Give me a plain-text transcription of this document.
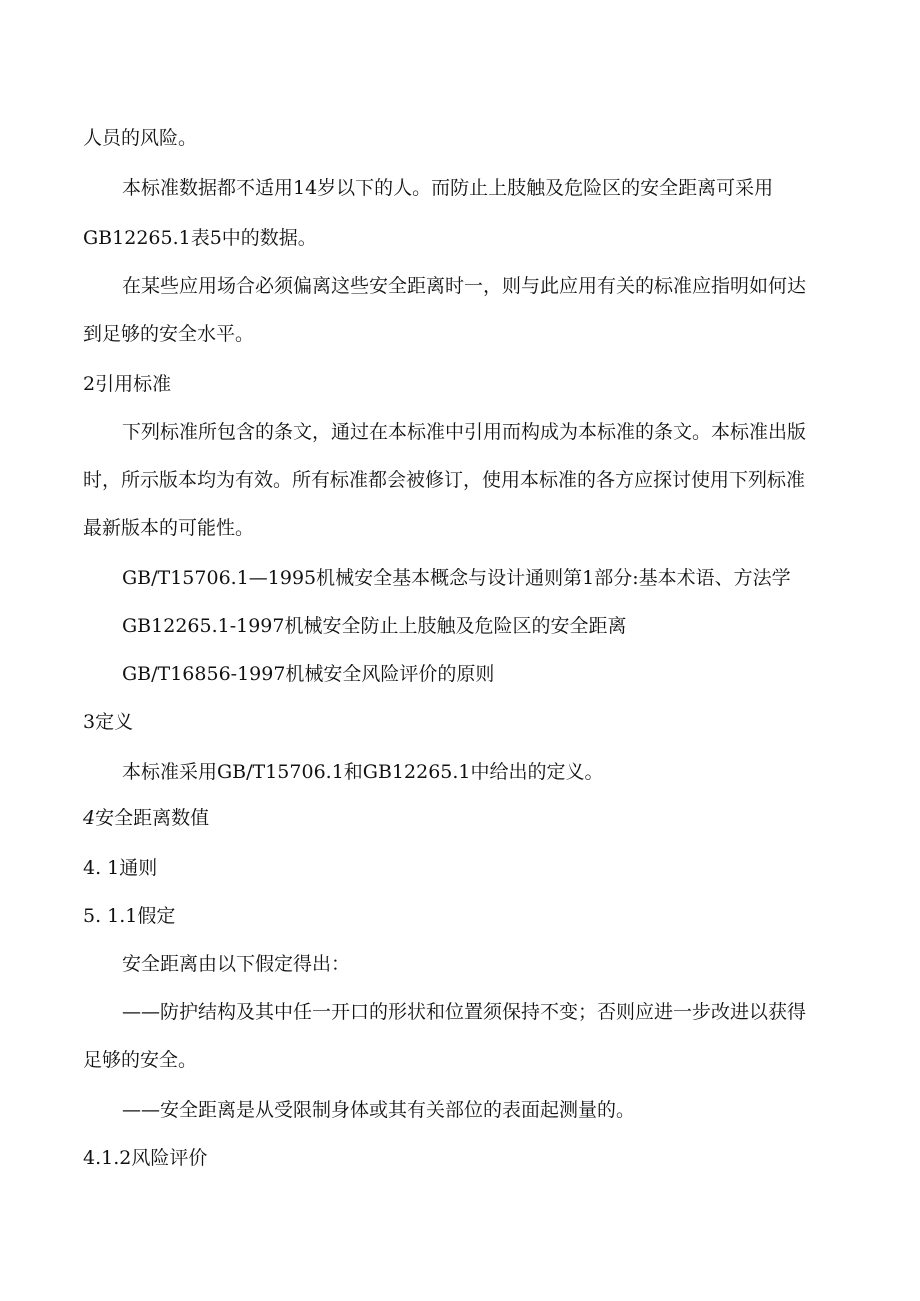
人员的风险。
本标准数据都不适用14岁以下的人。而防止上肢触及危险区的安全距离可采用
GB12265.1表5中的数据。
在某些应用场合必须偏离这些安全距离时一，则与此应用有关的标准应指明如何达
到足够的安全水平。
2引用标准
下列标准所包含的条文，通过在本标准中引用而构成为本标准的条文。本标准出版
时，所示版本均为有效。所有标准都会被修订，使用本标准的各方应探讨使用下列标准
最新版本的可能性。
GB/T15706.1—1995机械安全基本概念与设计通则第1部分:基本术语、方法学
GB12265.1-1997机械安全防止上肢触及危险区的安全距离
GB/T16856-1997机械安全风险评价的原则
3定义
本标准采用GB/T15706.1和GB12265.1中给出的定义。
4安全距离数值
4. 1通则
5. 1.1假定
安全距离由以下假定得出：
——防护结构及其中任一开口的形状和位置须保持不变；否则应进一步改进以获得
足够的安全。
——安全距离是从受限制身体或其有关部位的表面起测量的。
4.1.2风险评价
